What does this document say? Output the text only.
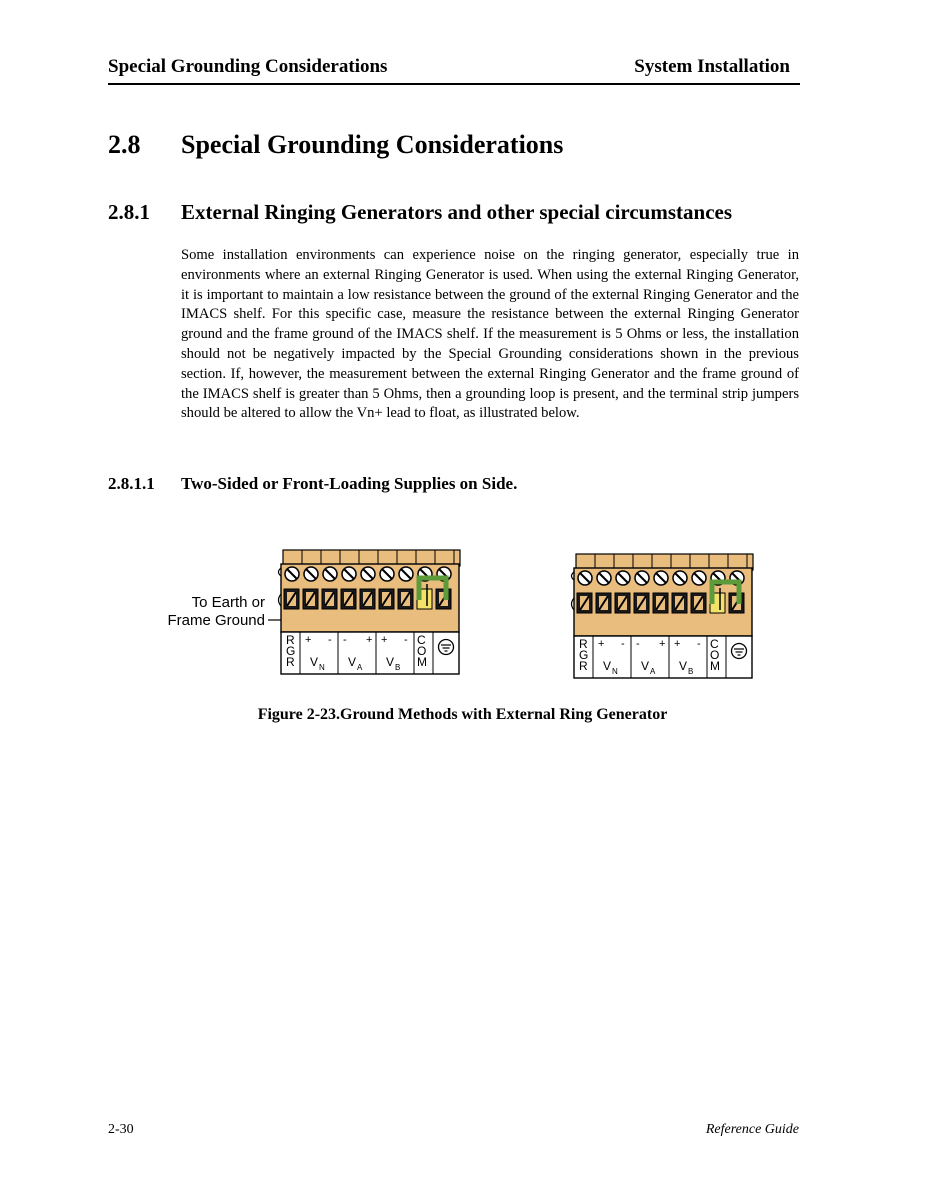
Special Grounding Considerations	System Installation
2.8 Special Grounding Considerations
2.8.1 External Ringing Generators and other special circumstances
Some installation environments can experience noise on the ringing generator, especially true in environments where an external Ringing Generator is used. When using the external Ringing Generator, it is important to maintain a low resistance between the ground of the external Ringing Generator and the IMACS shelf. For this specific case, measure the resistance between the external Ringing Generator ground and the frame ground of the IMACS shelf. If the measurement is 5 Ohms or less, the installation should not be negatively impacted by the Special Grounding considerations shown in the previous section. If, however, the measurement between the external Ringing Generator and the frame ground of the IMACS shelf is greater than 5 Ohms, then a grounding loop is present, and the terminal strip jumpers should be altered to allow the Vn+ lead to float, as illustrated below.
2.8.1.1 Two-Sided or Front-Loading Supplies on Side.
To Earth or
Frame Ground
R
G
R
+ - - + + -
V N V A V B
C
O
M
R
G
R
+ - - + + -
V N V A V B
C
O
M
Figure 2-23.Ground Methods with External Ring Generator
2-30	Reference Guide
